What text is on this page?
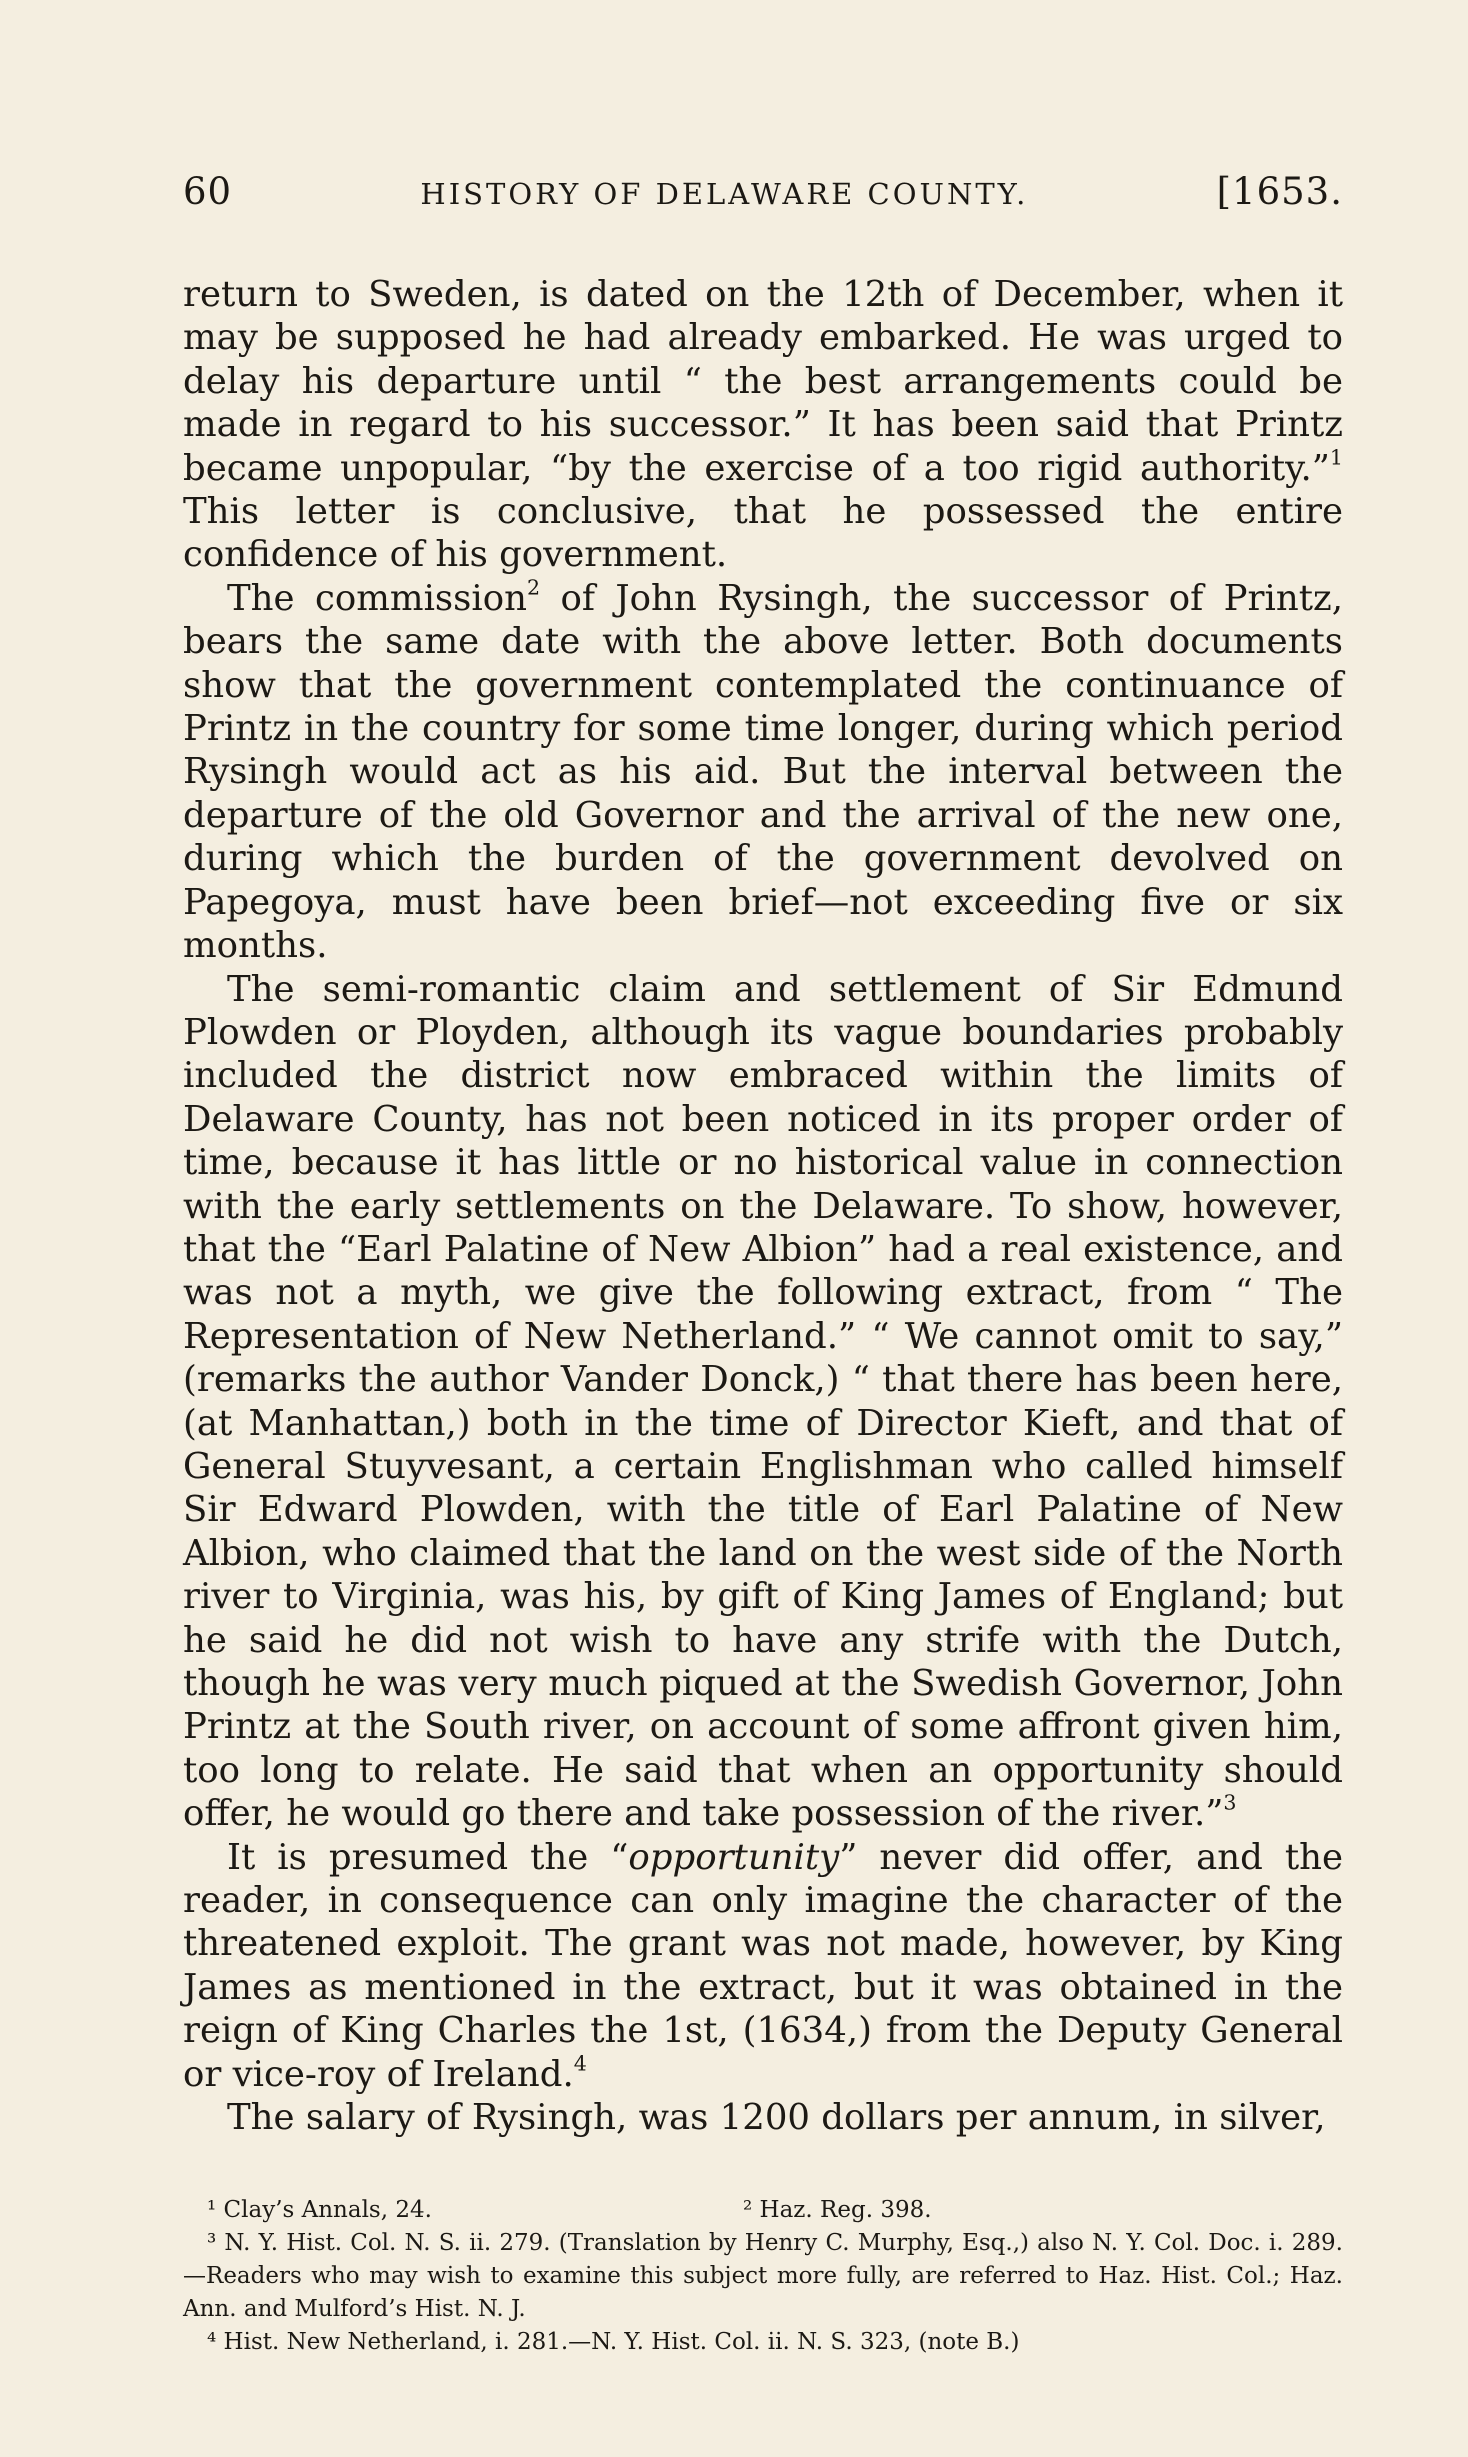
60	HISTORY OF DELAWARE COUNTY.	[1653.

return to Sweden, is dated on the 12th of December, when it may be supposed he had already embarked. He was urged to delay his departure until “ the best arrangements could be made in regard to his successor.” It has been said that Printz became unpopular, “by the exercise of a too rigid authority.”$^1$ This letter is conclusive, that he possessed the entire confidence of his government.

The commission$^2$ of John Rysingh, the successor of Printz, bears the same date with the above letter. Both documents show that the government contemplated the continuance of Printz in the country for some time longer, during which period Rysingh would act as his aid. But the interval between the departure of the old Governor and the arrival of the new one, during which the burden of the government devolved on Papegoya, must have been brief—not exceeding five or six months.

The semi-romantic claim and settlement of Sir Edmund Plowden or Ployden, although its vague boundaries probably included the district now embraced within the limits of Delaware County, has not been noticed in its proper order of time, because it has little or no historical value in connection with the early settlements on the Delaware. To show, however, that the “Earl Palatine of New Albion” had a real existence, and was not a myth, we give the following extract, from “ The Representation of New Netherland.” “ We cannot omit to say,” (remarks the author Vander Donck,) “ that there has been here, (at Manhattan,) both in the time of Director Kieft, and that of General Stuyvesant, a certain Englishman who called himself Sir Edward Plowden, with the title of Earl Palatine of New Albion, who claimed that the land on the west side of the North river to Virginia, was his, by gift of King James of England; but he said he did not wish to have any strife with the Dutch, though he was very much piqued at the Swedish Governor, John Printz at the South river, on account of some affront given him, too long to relate. He said that when an opportunity should offer, he would go there and take possession of the river.”$^3$

It is presumed the “opportunity” never did offer, and the reader, in consequence can only imagine the character of the threatened exploit. The grant was not made, however, by King James as mentioned in the extract, but it was obtained in the reign of King Charles the 1st, (1634,) from the Deputy General or vice-roy of Ireland.$^4$

The salary of Rysingh, was 1200 dollars per annum, in silver,

¹ Clay’s Annals, 24.	² Haz. Reg. 398.

³ N. Y. Hist. Col. N. S. ii. 279. (Translation by Henry C. Murphy, Esq.,) also N. Y. Col. Doc. i. 289.—Readers who may wish to examine this subject more fully, are referred to Haz. Hist. Col.; Haz. Ann. and Mulford’s Hist. N. J.

⁴ Hist. New Netherland, i. 281.—N. Y. Hist. Col. ii. N. S. 323, (note B.)
